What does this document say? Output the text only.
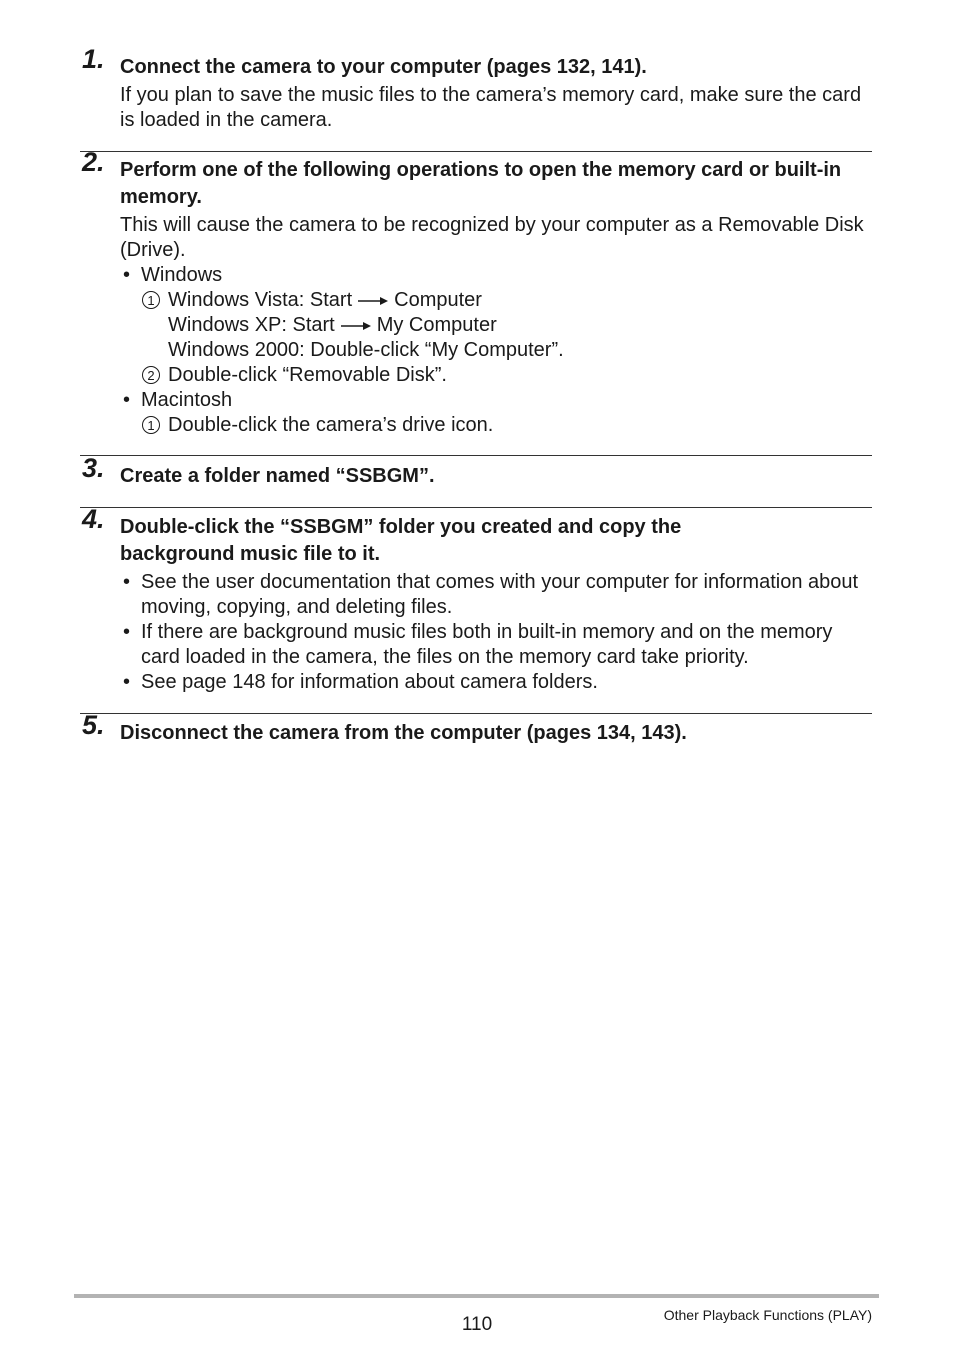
1. Connect the camera to your computer (pages 132, 141).
If you plan to save the music files to the camera’s memory card, make sure the card is loaded in the camera.
2. Perform one of the following operations to open the memory card or built-in memory.
This will cause the camera to be recognized by your computer as a Removable Disk (Drive).
• Windows
1 Windows Vista: Start Computer
Windows XP: Start My Computer
Windows 2000: Double-click “My Computer”.
2 Double-click “Removable Disk”.
• Macintosh
1 Double-click the camera’s drive icon.
3. Create a folder named “SSBGM”.
4. Double-click the “SSBGM” folder you created and copy the background music file to it.
• See the user documentation that comes with your computer for information about moving, copying, and deleting files.
• If there are background music files both in built-in memory and on the memory card loaded in the camera, the files on the memory card take priority.
• See page 148 for information about camera folders.
5. Disconnect the camera from the computer (pages 134, 143).
110	Other Playback Functions (PLAY)
